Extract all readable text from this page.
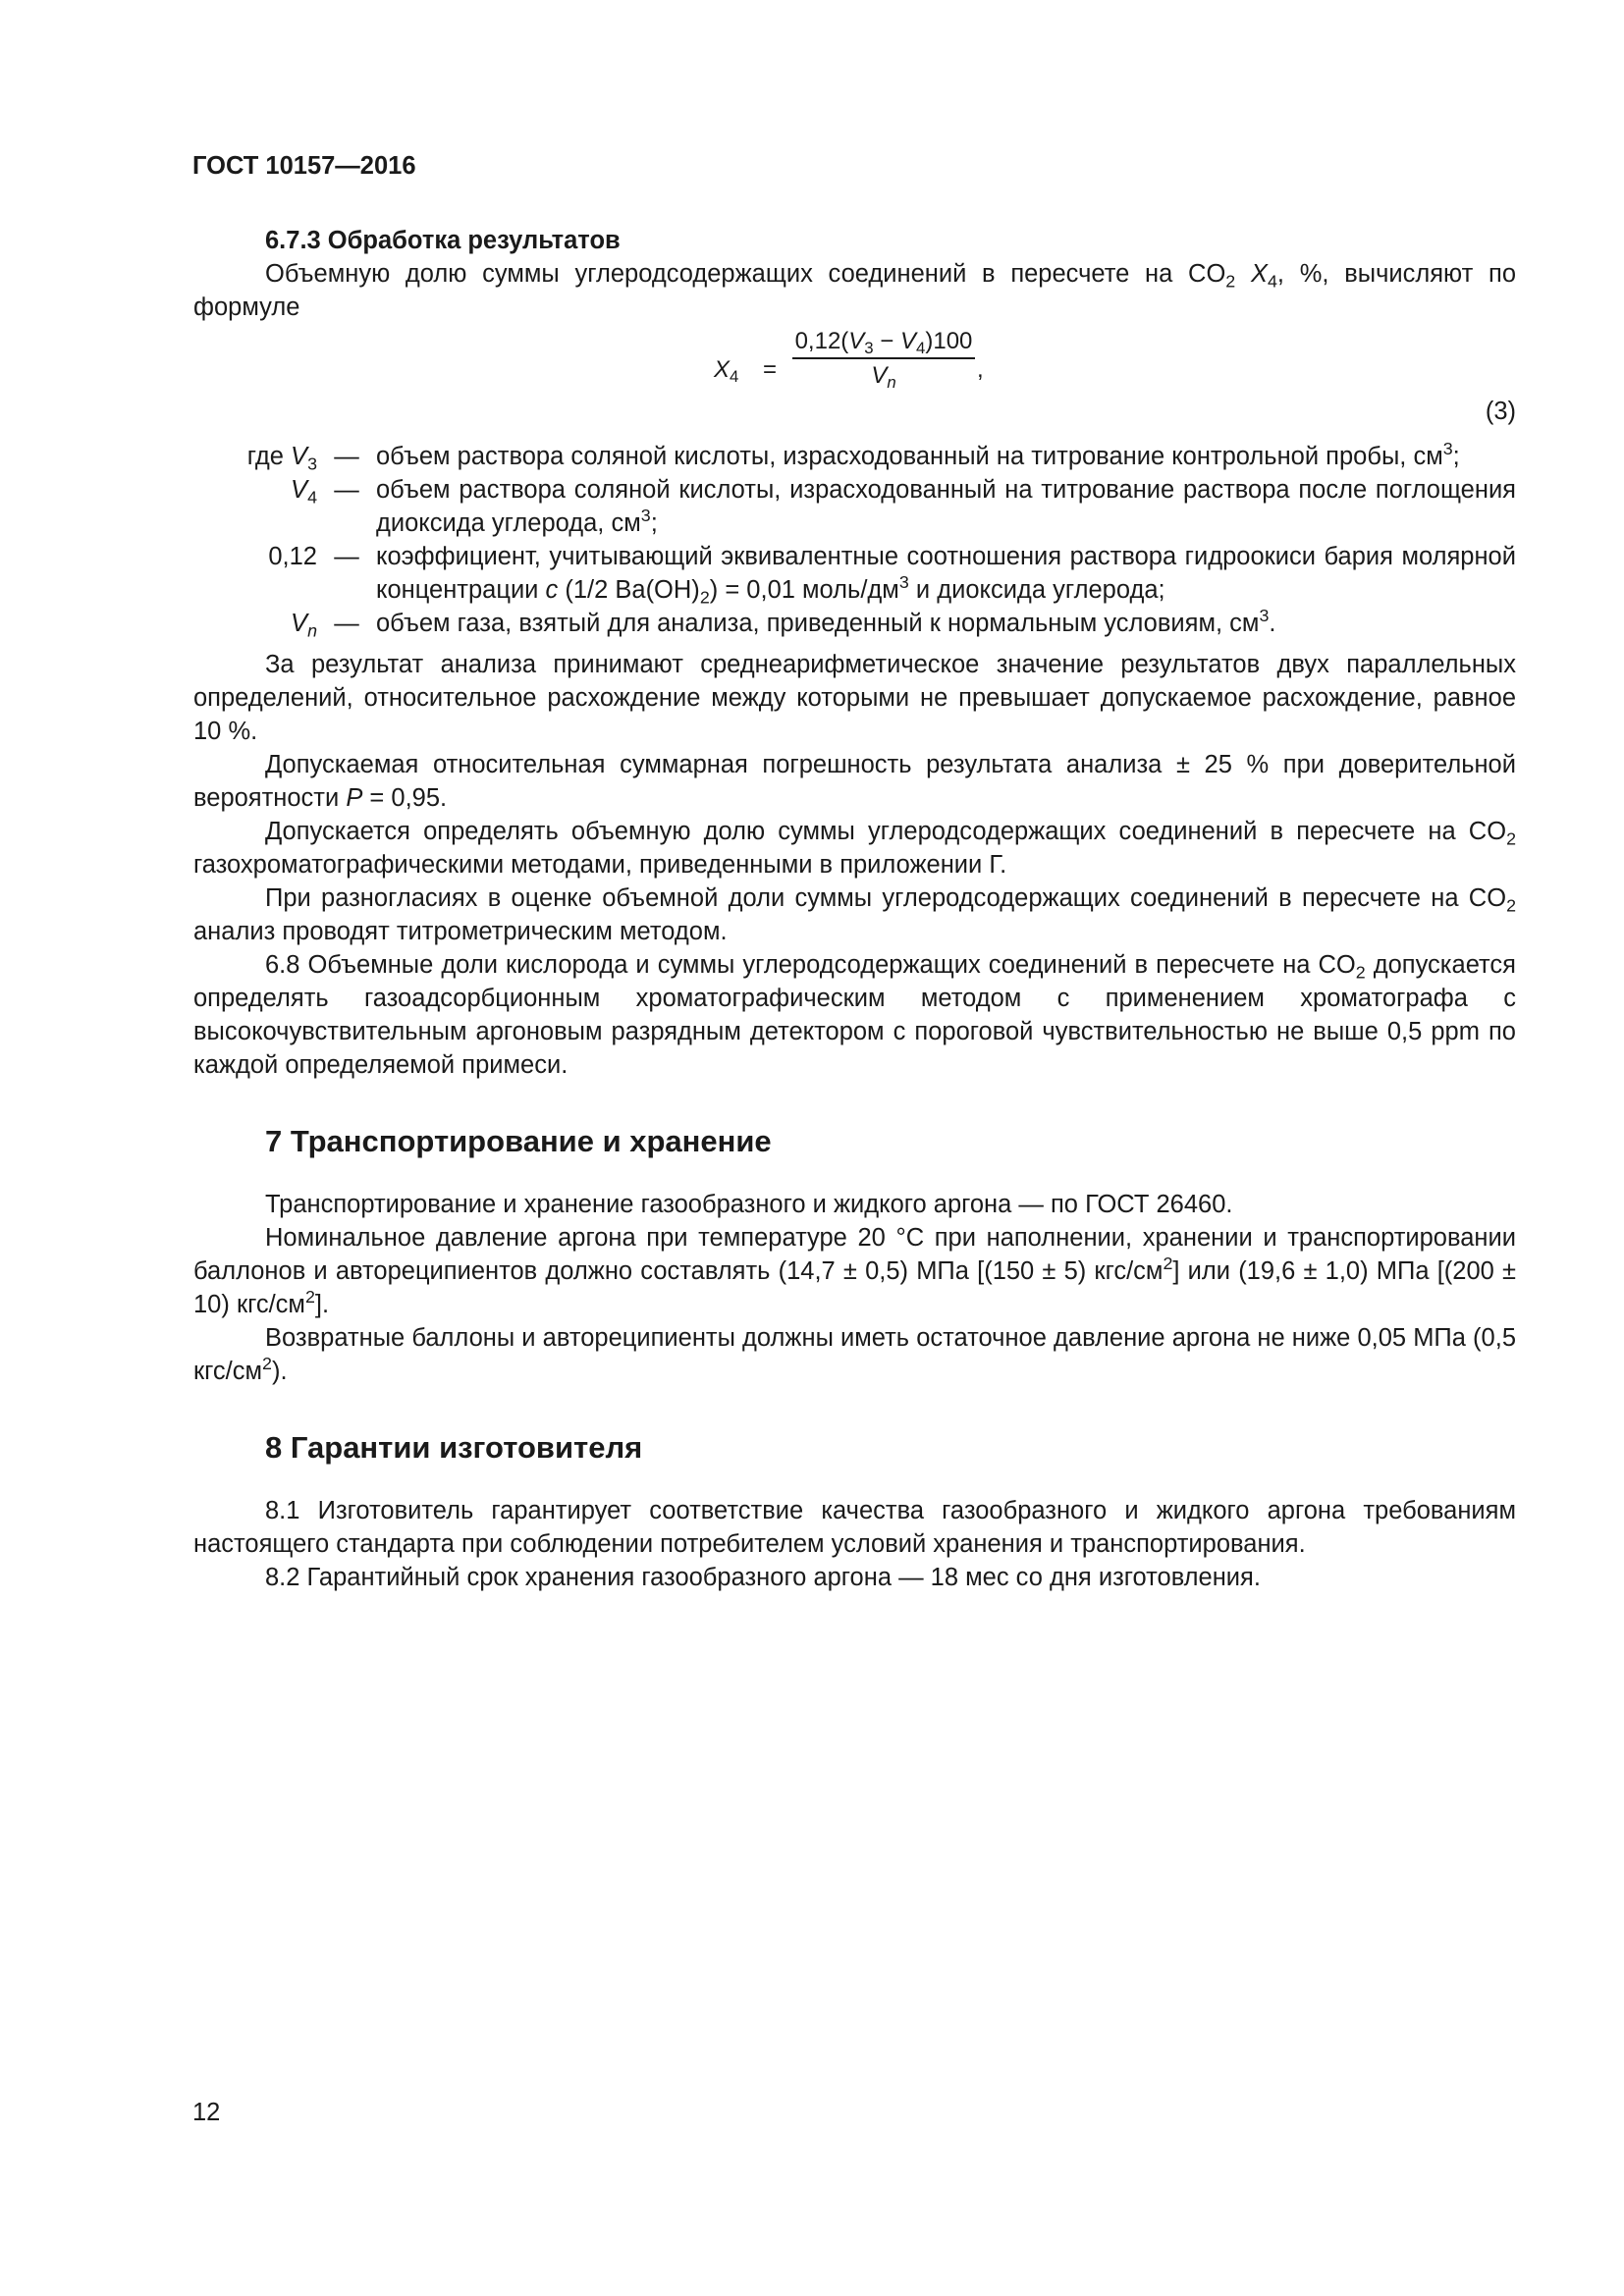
ГОСТ 10157—2016
6.7.3 Обработка результатов

Объемную долю суммы углеродсодержащих соединений в пересчете на $CO_2$ $X_4$, %, вычисляют по формуле

$X_4$ =
$0,12(V_3 - V_4)100$
$V_n$	,
(3)
где $V_3$ — объем раствора соляной кислоты, израсходованный на титрование контрольной пробы, $см^3$;
$V_4$ — объем раствора соляной кислоты, израсходованный на титрование раствора после поглощения диоксида углерода, $см^3$;
0,12 — коэффициент, учитывающий эквивалентные соотношения раствора гидроокиси бария молярной концентрации c (1/2 $Ba(OH)_2) = 0,01$ моль/$дм^3$ и диоксида углерода;
$V_n$ — объем газа, взятый для анализа, приведенный к нормальным условиям, $см^3$.

За результат анализа принимают среднеарифметическое значение результатов двух параллельных определений, относительное расхождение между которыми не превышает допускаемое расхождение, равное 10 %.

Допускаемая относительная суммарная погрешность результата анализа ± 25 % при доверительной вероятности P = 0,95.

Допускается определять объемную долю суммы углеродсодержащих соединений в пересчете на $CO_2$ газохроматографическими методами, приведенными в приложении Г.

При разногласиях в оценке объемной доли суммы углеродсодержащих соединений в пересчете на $CO_2$ анализ проводят титрометрическим методом.

6.8 Объемные доли кислорода и суммы углеродсодержащих соединений в пересчете на $CO_2$ допускается определять газоадсорбционным хроматографическим методом с применением хроматографа с высокочувствительным аргоновым разрядным детектором с пороговой чувствительностью не выше 0,5 ppm по каждой определяемой примеси.

7 Транспортирование и хранение

Транспортирование и хранение газообразного и жидкого аргона — по ГОСТ 26460.

Номинальное давление аргона при температуре 20 °C при наполнении, хранении и транспортировании баллонов и автореципиентов должно составлять (14,7 ± 0,5) МПа [(150 ± 5) кгс/$см^2$] или (19,6 ± 1,0) МПа [(200 ± 10) кгс/$см^2$].

Возвратные баллоны и автореципиенты должны иметь остаточное давление аргона не ниже 0,05 МПа (0,5 кгс/$см^2$).

8 Гарантии изготовителя

8.1 Изготовитель гарантирует соответствие качества газообразного и жидкого аргона требованиям настоящего стандарта при соблюдении потребителем условий хранения и транспортирования.

8.2 Гарантийный срок хранения газообразного аргона — 18 мес со дня изготовления.

12
